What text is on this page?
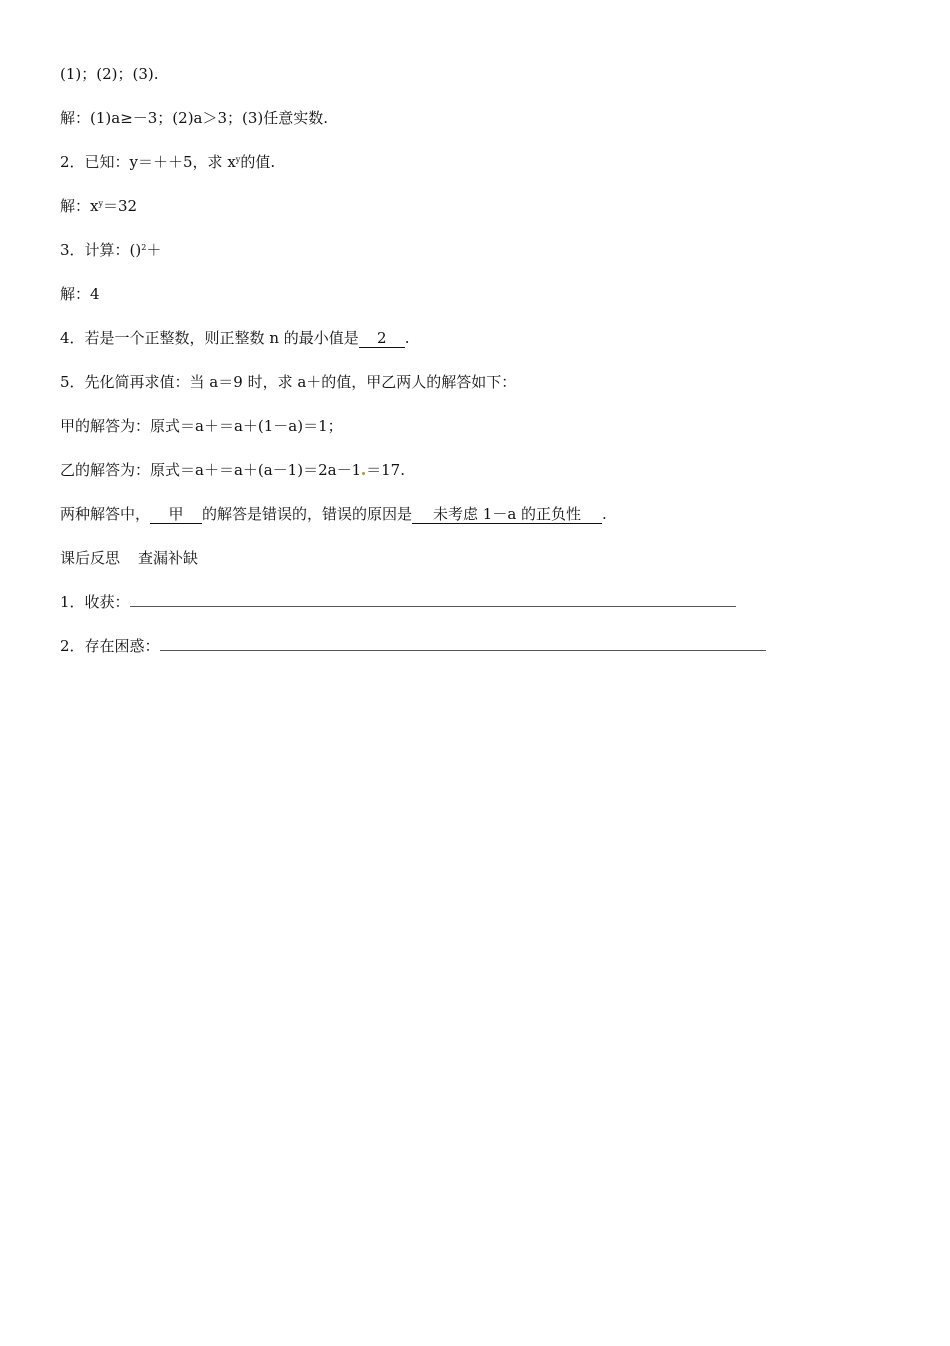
(1)；(2)；(3).
解：(1)a≥－3；(2)a＞3；(3)任意实数.
2．已知：y＝＋＋5，求 $x^y$的值.
解：$x^y=32$
3．计算：()$^2$＋
解：4
4．若是一个正整数，则正整数 n 的最小值是 2 .
5．先化简再求值：当 a＝9 时，求 a＋的值，甲乙两人的解答如下：
甲的解答为：原式＝a＋＝a＋(1－a)＝1；
乙的解答为：原式＝a＋＝a＋(a－1)＝2a－1 ＝17.
两种解答中， 甲 的解答是错误的，错误的原因是 未考虑 1－a 的正负性 .
课后反思 查漏补缺
1．收获：
2．存在困惑：
